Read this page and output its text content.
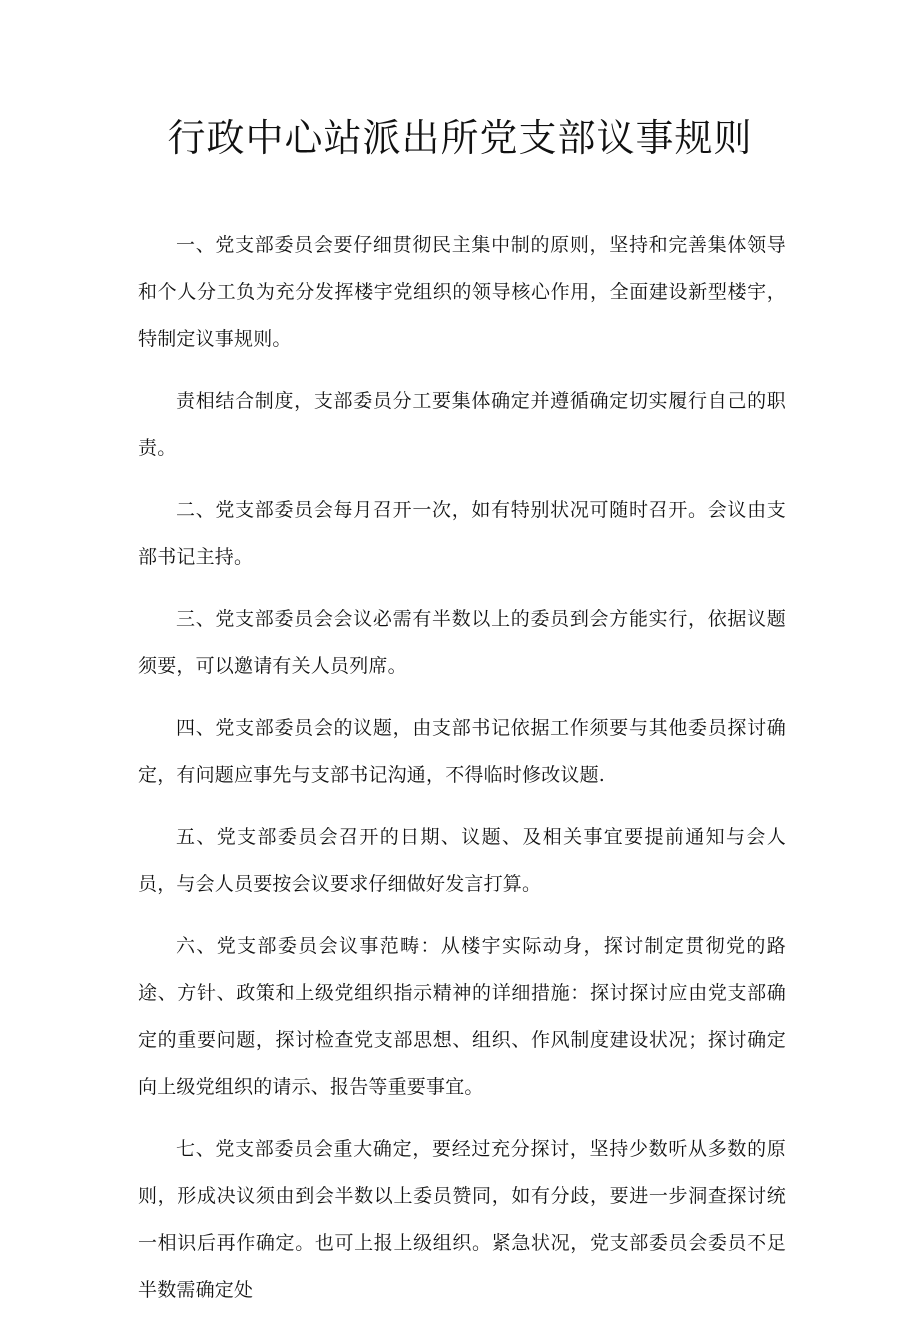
行政中心站派出所党支部议事规则

一、党支部委员会要仔细贯彻民主集中制的原则，坚持和完善集体领导和个人分工负为充分发挥楼宇党组织的领导核心作用，全面建设新型楼宇，特制定议事规则。

责相结合制度，支部委员分工要集体确定并遵循确定切实履行自己的职责。

二、党支部委员会每月召开一次，如有特别状况可随时召开。会议由支部书记主持。

三、党支部委员会会议必需有半数以上的委员到会方能实行，依据议题须要，可以邀请有关人员列席。

四、党支部委员会的议题，由支部书记依据工作须要与其他委员探讨确定，有问题应事先与支部书记沟通，不得临时修改议题.

五、党支部委员会召开的日期、议题、及相关事宜要提前通知与会人员，与会人员要按会议要求仔细做好发言打算。

六、党支部委员会议事范畴：从楼宇实际动身，探讨制定贯彻党的路途、方针、政策和上级党组织指示精神的详细措施：探讨探讨应由党支部确定的重要问题，探讨检查党支部思想、组织、作风制度建设状况；探讨确定向上级党组织的请示、报告等重要事宜。

七、党支部委员会重大确定，要经过充分探讨，坚持少数听从多数的原则，形成决议须由到会半数以上委员赞同，如有分歧，要进一步洞查探讨统一相识后再作确定。也可上报上级组织。紧急状况，党支部委员会委员不足半数需确定处
